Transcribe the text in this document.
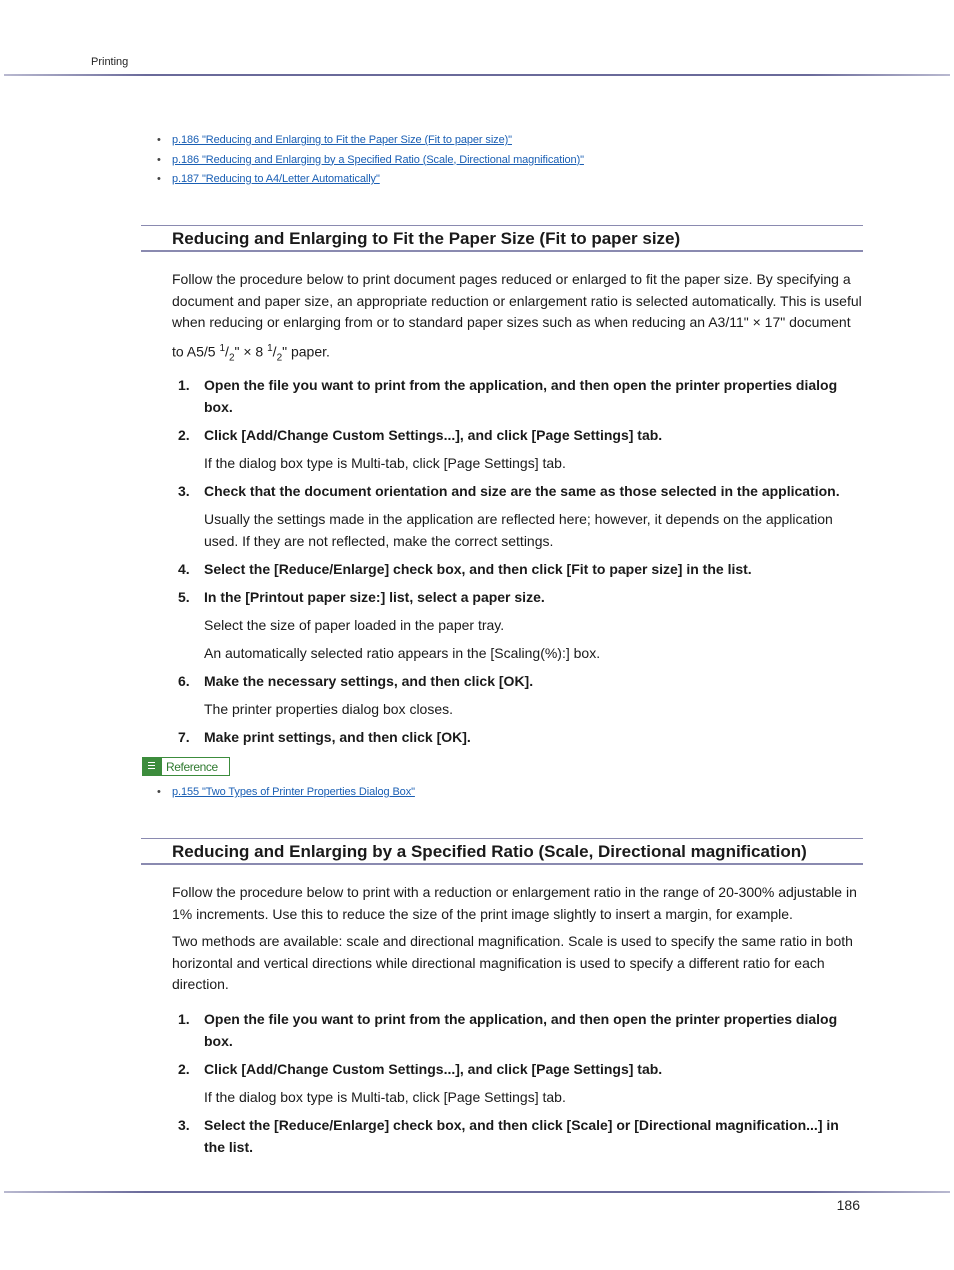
Printing
• p.186 "Reducing and Enlarging to Fit the Paper Size (Fit to paper size)"
• p.186 "Reducing and Enlarging by a Specified Ratio (Scale, Directional magnification)"
• p.187 "Reducing to A4/Letter Automatically"
Reducing and Enlarging to Fit the Paper Size (Fit to paper size)

Follow the procedure below to print document pages reduced or enlarged to fit the paper size. By specifying a
document and paper size, an appropriate reduction or enlargement ratio is selected automatically. This is useful
when reducing or enlarging from or to standard paper sizes such as when reducing an A3/11" × 17" document
to A5/5 $^1/_2$" × 8 $^1/_2$" paper.

1.	Open the file you want to print from the application, and then open the printer properties dialog box.
2.	Click [Add/Change Custom Settings...], and click [Page Settings] tab.
If the dialog box type is Multi-tab, click [Page Settings] tab.
3.	Check that the document orientation and size are the same as those selected in the application.
Usually the settings made in the application are reflected here; however, it depends on the application used. If they are not reflected, make the correct settings.
4.	Select the [Reduce/Enlarge] check box, and then click [Fit to paper size] in the list.
5.	In the [Printout paper size:] list, select a paper size.
Select the size of paper loaded in the paper tray.
An automatically selected ratio appears in the [Scaling(%):] box.
6.	Make the necessary settings, and then click [OK].
The printer properties dialog box closes.
7.	Make print settings, and then click [OK].
Reference
• p.155 "Two Types of Printer Properties Dialog Box"
Reducing and Enlarging by a Specified Ratio (Scale, Directional magnification)

Follow the procedure below to print with a reduction or enlargement ratio in the range of 20-300% adjustable in 1% increments. Use this to reduce the size of the print image slightly to insert a margin, for example.

Two methods are available: scale and directional magnification. Scale is used to specify the same ratio in both horizontal and vertical directions while directional magnification is used to specify a different ratio for each direction.

1.	Open the file you want to print from the application, and then open the printer properties dialog box.
2.	Click [Add/Change Custom Settings...], and click [Page Settings] tab.
If the dialog box type is Multi-tab, click [Page Settings] tab.
3.	Select the [Reduce/Enlarge] check box, and then click [Scale] or [Directional magnification...] in the list.
186
